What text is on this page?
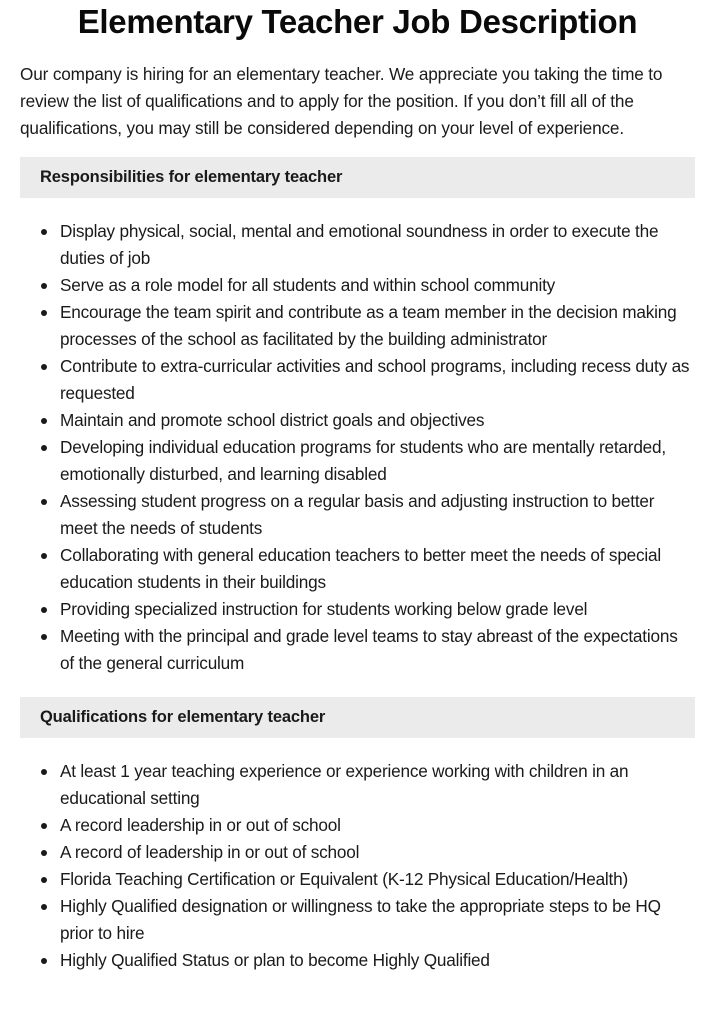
Elementary Teacher Job Description

Our company is hiring for an elementary teacher. We appreciate you taking the time to review the list of qualifications and to apply for the position. If you don’t fill all of the qualifications, you may still be considered depending on your level of experience.

Responsibilities for elementary teacher
Display physical, social, mental and emotional soundness in order to execute the duties of job
Serve as a role model for all students and within school community
Encourage the team spirit and contribute as a team member in the decision making processes of the school as facilitated by the building administrator
Contribute to extra-curricular activities and school programs, including recess duty as requested
Maintain and promote school district goals and objectives
Developing individual education programs for students who are mentally retarded, emotionally disturbed, and learning disabled
Assessing student progress on a regular basis and adjusting instruction to better meet the needs of students
Collaborating with general education teachers to better meet the needs of special education students in their buildings
Providing specialized instruction for students working below grade level
Meeting with the principal and grade level teams to stay abreast of the expectations of the general curriculum
Qualifications for elementary teacher
At least 1 year teaching experience or experience working with children in an educational setting
A record leadership in or out of school
A record of leadership in or out of school
Florida Teaching Certification or Equivalent (K-12 Physical Education/Health)
Highly Qualified designation or willingness to take the appropriate steps to be HQ prior to hire
Highly Qualified Status or plan to become Highly Qualified
